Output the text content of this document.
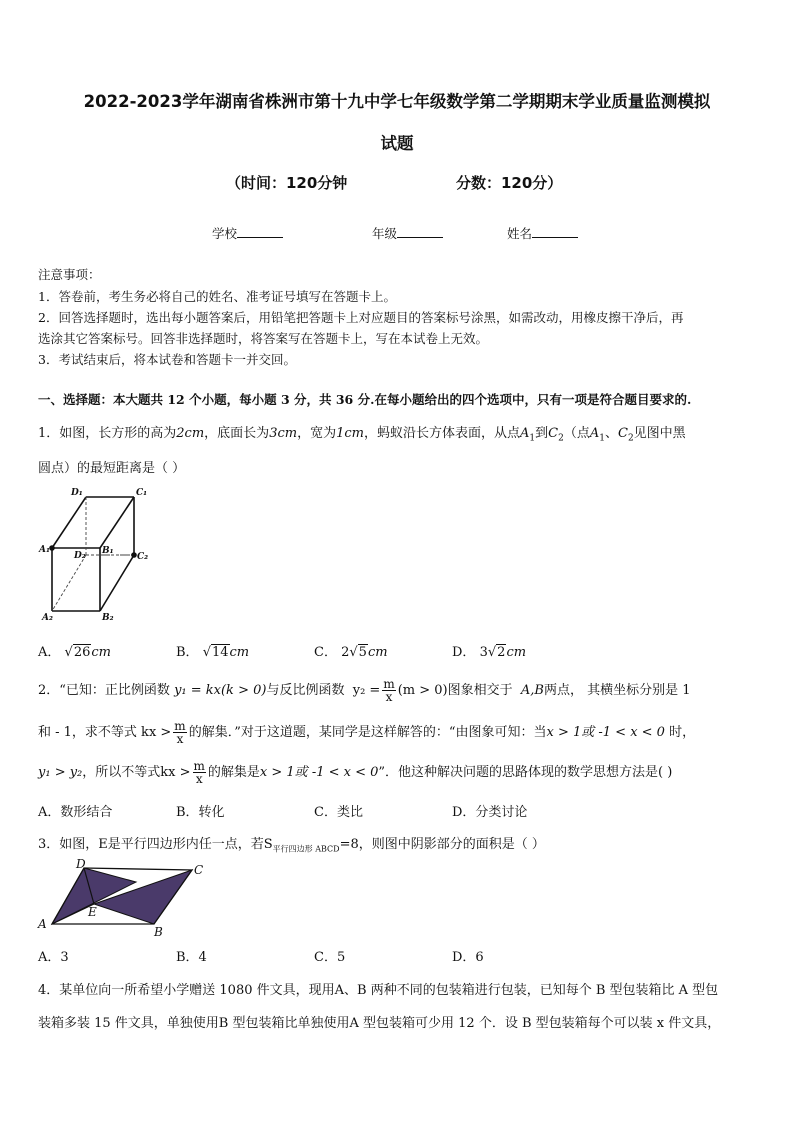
2022-2023学年湖南省株洲市第十九中学七年级数学第二学期期末学业质量监测模拟
试题
（时间：120分钟	分数：120分）
学校	年级	姓名
注意事项：
1．答卷前，考生务必将自己的姓名、准考证号填写在答题卡上。
2．回答选择题时，选出每小题答案后，用铅笔把答题卡上对应题目的答案标号涂黑，如需改动，用橡皮擦干净后，再
选涂其它答案标号。回答非选择题时，将答案写在答题卡上，写在本试卷上无效。
3．考试结束后，将本试卷和答题卡一并交回。
一、选择题：本大题共 12 个小题，每小题 3 分，共 36 分.在每小题给出的四个选项中，只有一项是符合题目要求的.
1．如图，长方形的高为2cm，底面长为3cm，宽为1cm，蚂蚁沿长方体表面，从点$A_1$到$C_2$（点$A_1$、$C_2$见图中黑
圆点）的最短距离是（ ）
D₁	C₁
A₁
D₂ B₁
C₂
A₂	B₂
A． √26cm	B． √14cm	C． 2√5cm	D． 3√2cm
2．“已知：正比例函数 y₁ = kx(k > 0)与反比例函数 $y_2 = \frac{m}{x} (m > 0)$图象相交于 A,B两点， 其横坐标分别是 1
和 - 1，求不等式 kx > $\frac{m}{x}$ 的解集．”对于这道题，某同学是这样解答的：“由图象可知：当x > 1或 -1 < x < 0 时，
y₁ > y₂，所以不等式kx > $\frac{m}{x}$ 的解集是x > 1或 -1 < x < 0”．他这种解决问题的思路体现的数学思想方法是( )
A．数形结合	B．转化	C．类比	D．分类讨论
3．如图，E是平行四边形内任一点，若$S_{平行四边形 ABCD}=8$，则图中阴影部分的面积是（ ）
D	C
A
B
E
A．3	B．4	C．5	D．6
4．某单位向一所希望小学赠送 1080 件文具，现用A、B 两种不同的包装箱进行包装，已知每个 B 型包装箱比 A 型包
装箱多装 15 件文具，单独使用B 型包装箱比单独使用A 型包装箱可少用 12 个．设 B 型包装箱每个可以装 x 件文具，
